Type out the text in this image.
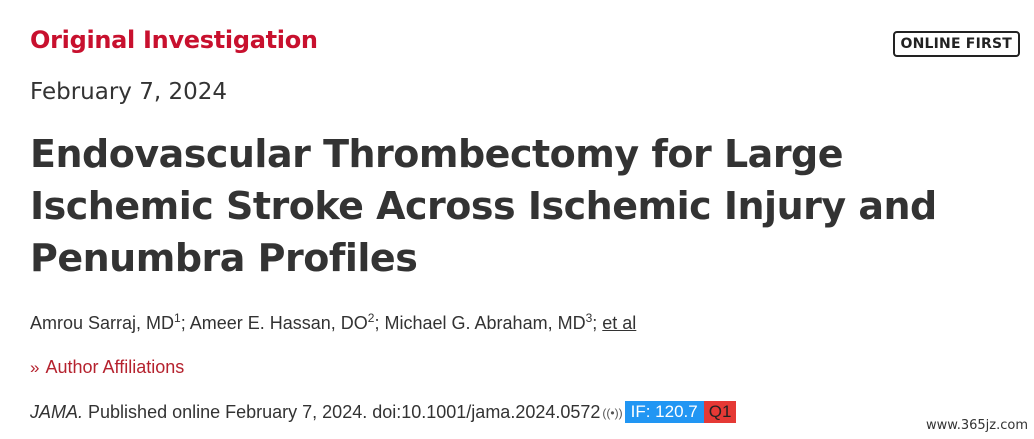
Original Investigation	ONLINE FIRST
February 7, 2024
Endovascular Thrombectomy for Large Ischemic Stroke Across Ischemic Injury and Penumbra Profiles
Amrou Sarraj, $MD^1$; Ameer E. Hassan, $DO^2$; Michael G. Abraham, $MD^3$; et al
» Author Affiliations
JAMA. Published online February 7, 2024. doi:10.1001/jama.2024.0572 ((•)) IF: 120.7 Q1
www.365jz.com
